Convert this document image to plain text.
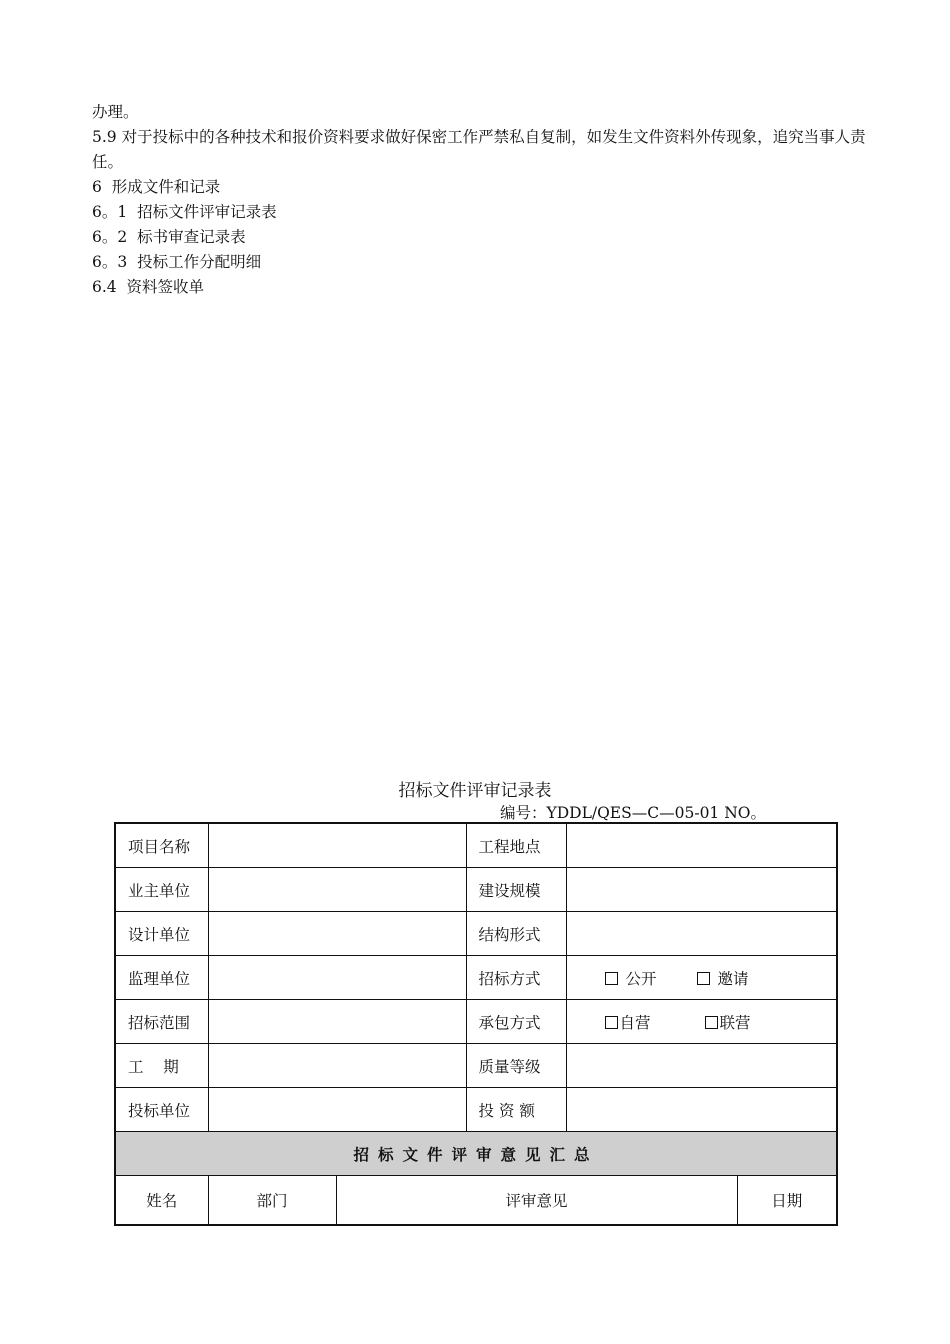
办理。

5.9 对于投标中的各种技术和报价资料要求做好保密工作严禁私自复制，如发生文件资料外传现象，追究当事人责任。

6  形成文件和记录
6。1  招标文件评审记录表
6。2  标书审查记录表
6。3  投标工作分配明细
6.4  资料签收单
招标文件评审记录表
编号：YDDL/QES—C—05-01 NO。
项目名称			工程地点		
业主单位			建设规模		
设计单位			结构形式		
监理单位			招标方式	公开 邀请	
招标范围			承包方式	自营 联营	
工    期			质量等级		
投标单位			投 资 额		
招标文件评审意见汇总					
姓名	部门	评审意见			日期
